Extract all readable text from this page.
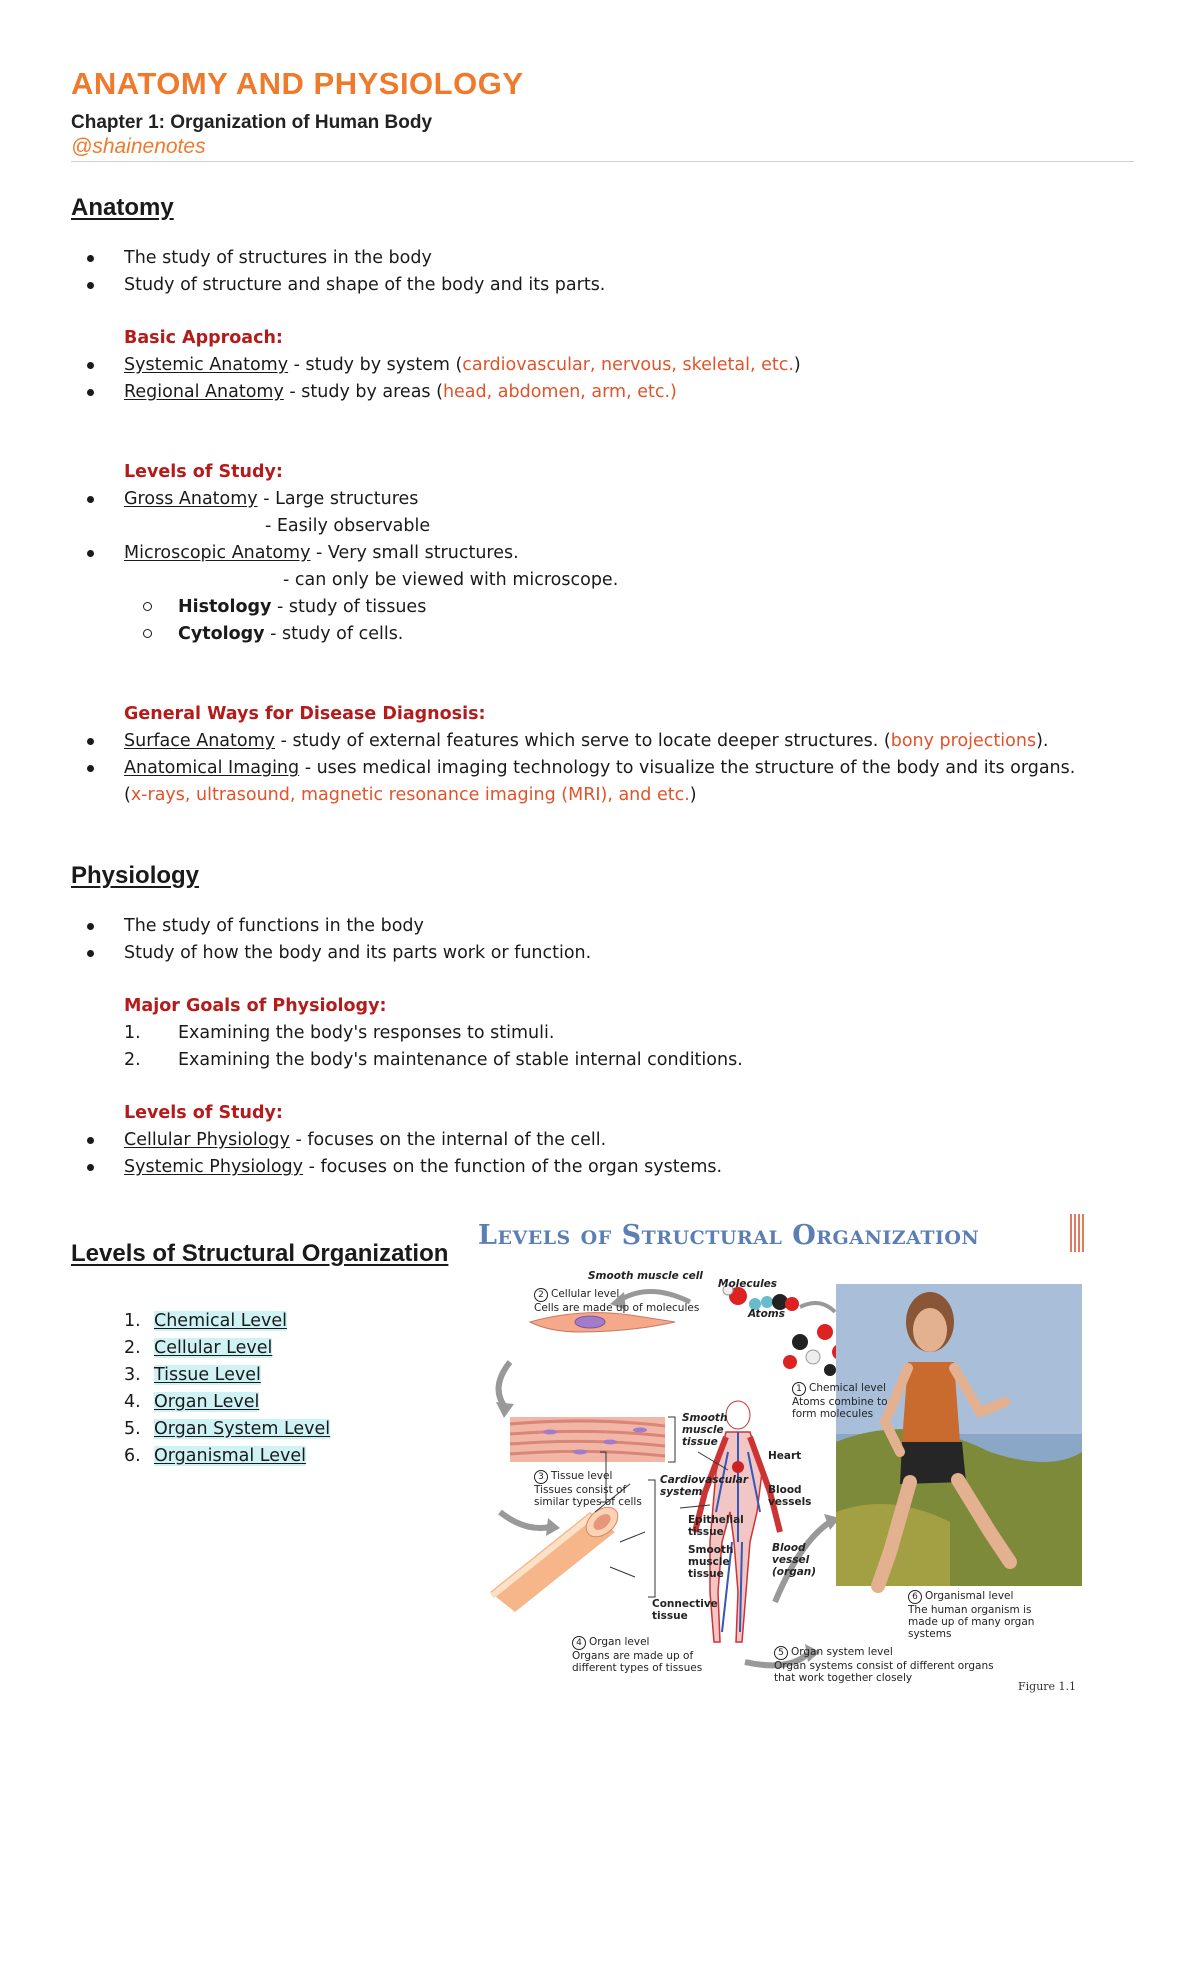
ANATOMY AND PHYSIOLOGY
Chapter 1: Organization of Human Body
@shainenotes
Anatomy
The study of structures in the body
Study of structure and shape of the body and its parts.
Basic Approach:
Systemic Anatomy - study by system (cardiovascular, nervous, skeletal, etc.)
Regional Anatomy - study by areas (head, abdomen, arm, etc.)
Levels of Study:
Gross Anatomy - Large structures
- Easily observable
Microscopic Anatomy - Very small structures.
- can only be viewed with microscope.
Histology - study of tissues
Cytology - study of cells.
General Ways for Disease Diagnosis:
Surface Anatomy - study of external features which serve to locate deeper structures. (bony projections).
Anatomical Imaging - uses medical imaging technology to visualize the structure of the body and its organs.
(x-rays, ultrasound, magnetic resonance imaging (MRI), and etc.)
Physiology
The study of functions in the body
Study of how the body and its parts work or function.
Major Goals of Physiology:
1. Examining the body's responses to stimuli.
2. Examining the body's maintenance of stable internal conditions.
Levels of Study:
Cellular Physiology - focuses on the internal of the cell.
Systemic Physiology - focuses on the function of the organ systems.
Levels of Structural Organization
1. Chemical Level
2. Cellular Level
3. Tissue Level
4. Organ Level
5. Organ System Level
6. Organismal Level
Levels of Structural Organization
Smooth muscle cell
Molecules
Atoms
2 Cellular level
Cells are made up of molecules
1 Chemical level
Atoms combine to form molecules
Smooth muscle tissue
3 Tissue level
Tissues consist of similar types of cells
Cardiovascular system
Heart
Blood vessels
Epithelial tissue
Smooth muscle tissue
Connective tissue
Blood vessel (organ)
6 Organismal level
The human organism is made up of many organ systems
4 Organ level
Organs are made up of different types of tissues
5 Organ system level
Organ systems consist of different organs that work together closely
Figure 1.1
